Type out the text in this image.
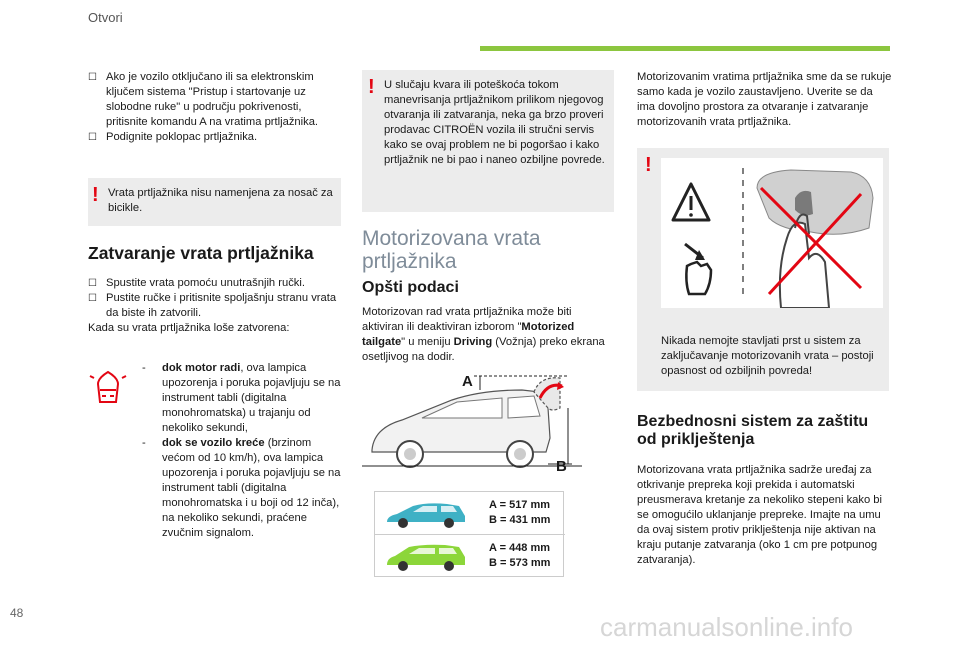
Otvori
☐ Ako je vozilo otključano ili sa elektronskim ključem sistema "Pristup i startovanje uz slobodne ruke" u području pokrivenosti, pritisnite komandu A na vratima prtljažnika.
☐ Podignite poklopac prtljažnika.
! Vrata prtljažnika nisu namenjena za nosač za bicikle.
Zatvaranje vrata prtljažnika
☐ Spustite vrata pomoću unutrašnjih ručki.
☐ Pustite ručke i pritisnite spoljašnju stranu vrata da biste ih zatvorili.
Kada su vrata prtljažnika loše zatvorena:
- dok motor radi, ova lampica upozorenja i poruka pojavljuju se na instrument tabli (digitalna monohromatska) u trajanju od nekoliko sekundi,
- dok se vozilo kreće (brzinom većom od 10 km/h), ova lampica upozorenja i poruka pojavljuju se na instrument tabli (digitalna monohromatska i u boji od 12 inča), na nekoliko sekundi, praćene zvučnim signalom.
! U slučaju kvara ili poteškoća tokom manevrisanja prtljažnikom prilikom njegovog otvaranja ili zatvaranja, neka ga brzo proveri prodavac CITROËN vozila ili stručni servis kako se ovaj problem ne bi pogoršao i kako prtljažnik ne bi pao i naneo ozbiljne povrede.
Motorizovana vrata prtljažnika
Opšti podaci
Motorizovan rad vrata prtljažnika može biti aktiviran ili deaktiviran izborom "Motorized tailgate" u meniju Driving (Vožnja) preko ekrana osetljivog na dodir.
A
B
A = 517 mm
B = 431 mm
A = 448 mm
B = 573 mm
Motorizovanim vratima prtljažnika sme da se rukuje samo kada je vozilo zaustavljeno. Uverite se da ima dovoljno prostora za otvaranje i zatvaranje motorizovanih vrata prtljažnika.
!
Nikada nemojte stavljati prst u sistem za zaključavanje motorizovanih vrata – postoji opasnost od ozbiljnih povreda!
Bezbednosni sistem za zaštitu od priklještenja
Motorizovana vrata prtljažnika sadrže uređaj za otkrivanje prepreka koji prekida i automatski preusmerava kretanje za nekoliko stepeni kako bi se omogućilo uklanjanje prepreke. Imajte na umu da ovaj sistem protiv priklještenja nije aktivan na kraju putanje zatvaranja (oko 1 cm pre potpunog zatvaranja).
48	carmanualsonline.info
